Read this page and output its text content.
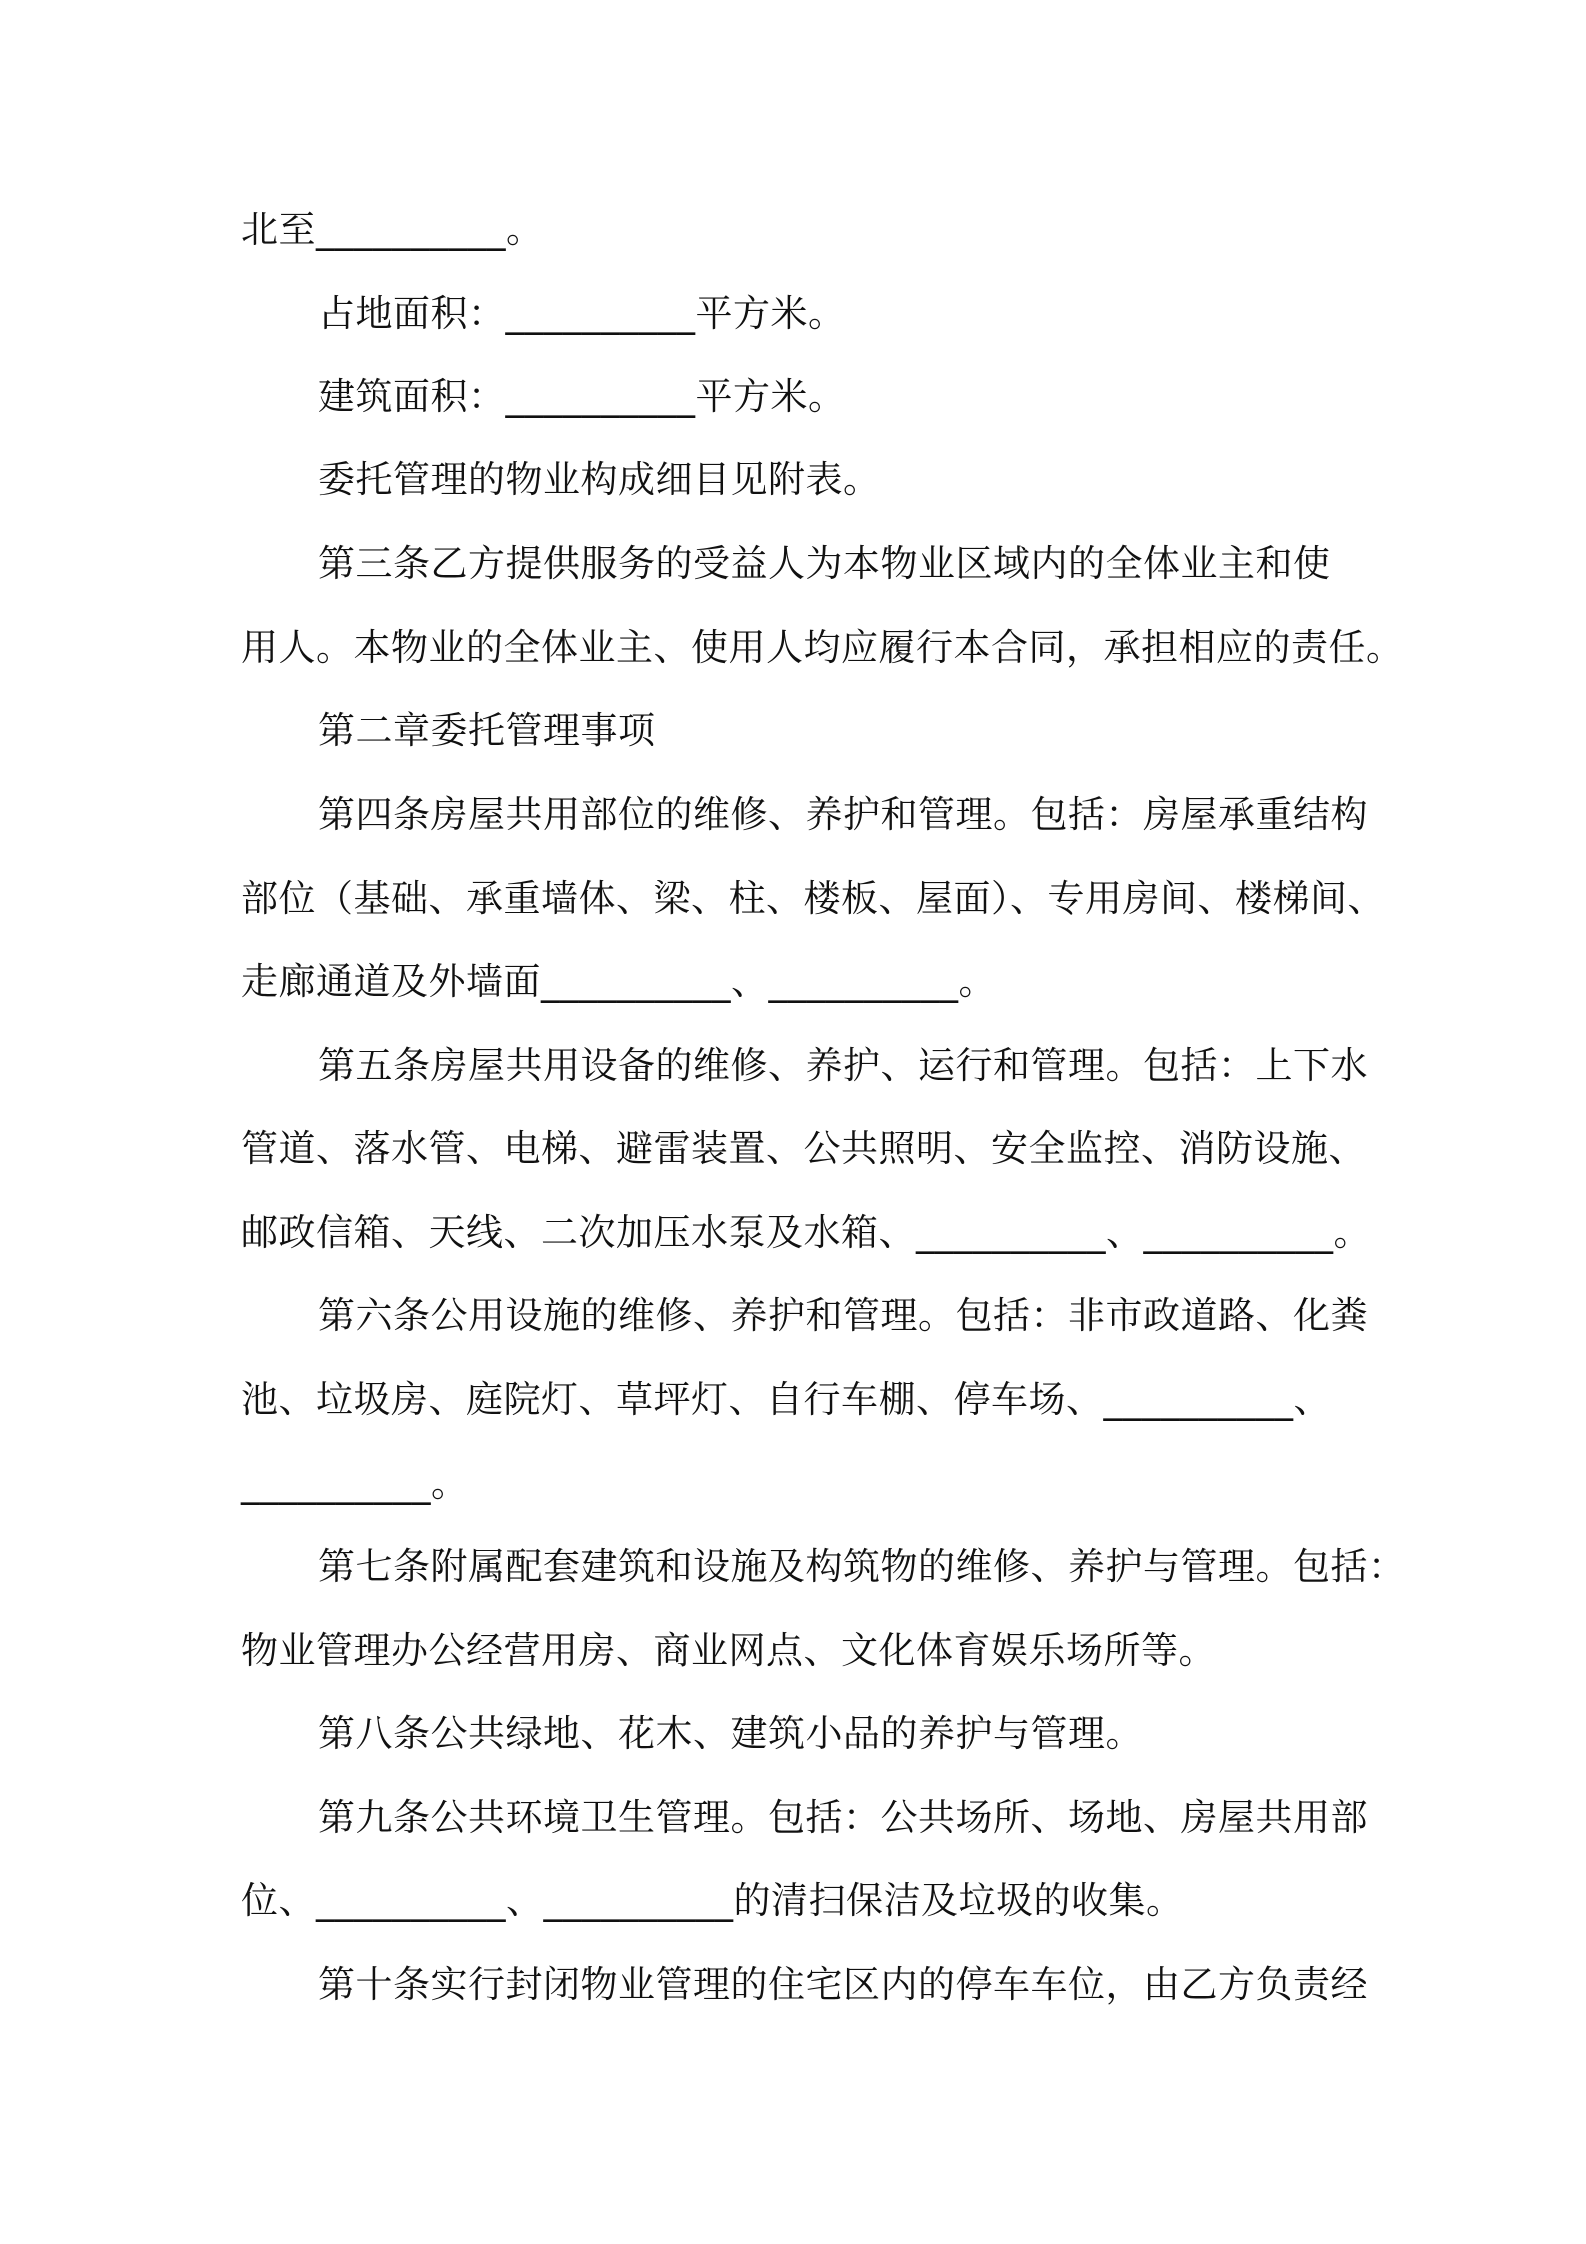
北至__________。
占地面积：__________平方米。
建筑面积：__________平方米。
委托管理的物业构成细目见附表。
第三条乙方提供服务的受益人为本物业区域内的全体业主和使
用人。本物业的全体业主、使用人均应履行本合同，承担相应的责任。
第二章委托管理事项
第四条房屋共用部位的维修、养护和管理。包括：房屋承重结构
部位（基础、承重墙体、梁、柱、楼板、屋面）、专用房间、楼梯间、
走廊通道及外墙面__________、__________。
第五条房屋共用设备的维修、养护、运行和管理。包括：上下水
管道、落水管、电梯、避雷装置、公共照明、安全监控、消防设施、
邮政信箱、天线、二次加压水泵及水箱、__________、__________。
第六条公用设施的维修、养护和管理。包括：非市政道路、化粪
池、垃圾房、庭院灯、草坪灯、自行车棚、停车场、__________、
__________。
第七条附属配套建筑和设施及构筑物的维修、养护与管理。包括：
物业管理办公经营用房、商业网点、文化体育娱乐场所等。
第八条公共绿地、花木、建筑小品的养护与管理。
第九条公共环境卫生管理。包括：公共场所、场地、房屋共用部
位、__________、__________的清扫保洁及垃圾的收集。
第十条实行封闭物业管理的住宅区内的停车车位，由乙方负责经
